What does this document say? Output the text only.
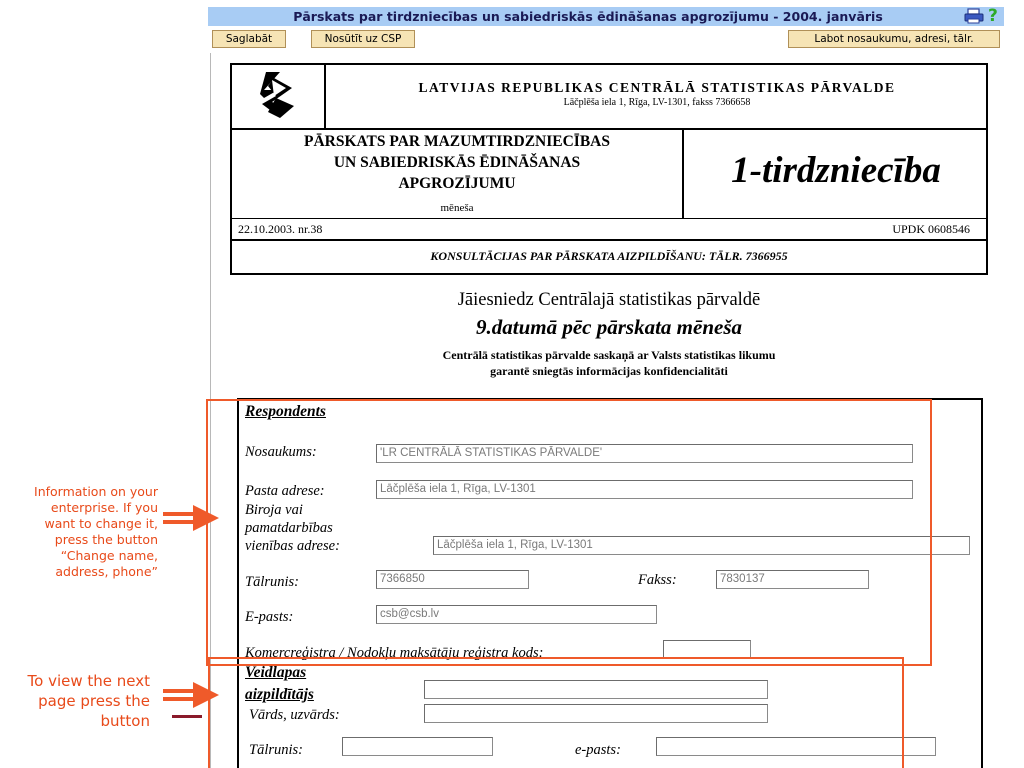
Pārskats par tirdzniecības un sabiedriskās ēdināšanas apgrozījumu - 2004. janvāris	?
Saglabāt	Nosūtīt uz CSP	Labot nosaukumu, adresi, tālr.
LATVIJAS REPUBLIKAS CENTRĀLĀ STATISTIKAS PĀRVALDE
Lāčplēša iela 1, Rīga, LV-1301, fakss 7366658
PĀRSKATS PAR MAZUMTIRDZNIECĪBAS
UN SABIEDRISKĀS ĒDINĀŠANAS
APGROZĪJUMU
mēneša
1-tirdzniecība
22.10.2003. nr.38	UPDK 0608546
KONSULTĀCIJAS PAR PĀRSKATA AIZPILDĪŠANU: TĀLR. 7366955
Jāiesniedz Centrālajā statistikas pārvaldē
9.datumā pēc pārskata mēneša
Centrālā statistikas pārvalde saskaņā ar Valsts statistikas likumu
garantē sniegtās informācijas konfidencialitāti
Respondents
Nosaukums:	'LR CENTRĀLĀ STATISTIKAS PĀRVALDE'
Pasta adrese:	Lāčplēša iela 1, Rīga, LV-1301
Biroja vai
pamatdarbības
vienības adrese:	Lāčplēša iela 1, Rīga, LV-1301
Tālrunis:	7366850	Fakss:	7830137
E-pasts:	csb@csb.lv
Komercreģistra / Nodokļu maksātāju reģistra kods:
Veidlapas
aizpildītājs
Vārds, uzvārds:
Tālrunis:	e-pasts:
Information on your
enterprise. If you
want to change it,
press the button
“Change name,
address, phone”
To view the next
page press the
button
